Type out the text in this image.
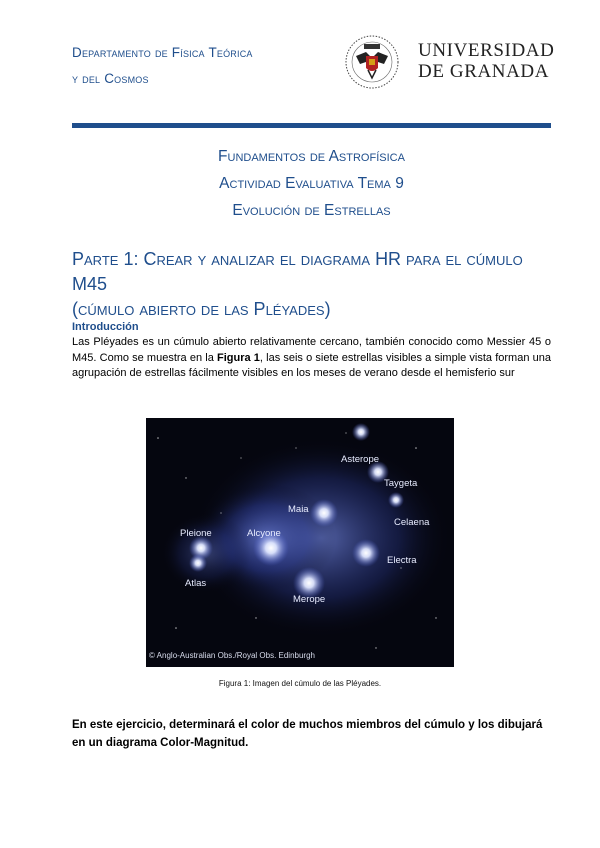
Departamento de Física Teórica
y del Cosmos
UNIVERSIDAD
DE GRANADA
Fundamentos de Astrofísica
Actividad Evaluativa Tema 9
Evolución de Estrellas
Parte 1: Crear y analizar el diagrama HR para el cúmulo M45
(cúmulo abierto de las Pléyades)
Introducción
Las Pléyades es un cúmulo abierto relativamente cercano, también conocido como Messier 45 o M45. Como se muestra en la Figura 1, las seis o siete estrellas visibles a simple vista forman una agrupación de estrellas fácilmente visibles en los meses de verano desde el hemisferio sur
Asterope
Taygeta
Maia
Celaena
Pleione	Alcyone
Electra
Atlas
Merope
© Anglo-Australian Obs./Royal Obs. Edinburgh
Figura 1: Imagen del cúmulo de las Pléyades.
En este ejercicio, determinará el color de muchos miembros del cúmulo y los dibujará en un diagrama Color-Magnitud.
